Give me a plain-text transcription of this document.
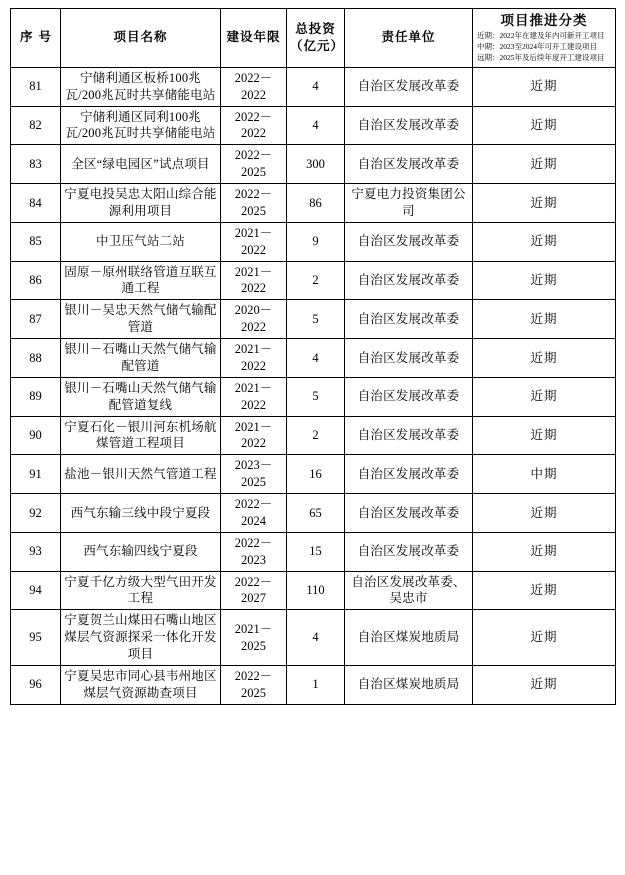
序号	项目名称	建设年限	总投资
（亿元）	责任单位	项目推进分类
近期：2022年在建及年内可新开工项目
中期：2023至2024年可开工建设项目
远期：2025年及后续年度开工建设项目

81	宁储利通区板桥100兆瓦/200兆瓦时共享储能电站	2022－
2022	4	自治区发展改革委	近期
82	宁储利通区同利100兆瓦/200兆瓦时共享储能电站	2022－
2022	4	自治区发展改革委	近期
83	全区“绿电园区”试点项目	2022－
2025	300	自治区发展改革委	近期
84	宁夏电投吴忠太阳山综合能源利用项目	2022－
2025	86	宁夏电力投资集团公司	近期
85	中卫压气站二站	2021－
2022	9	自治区发展改革委	近期
86	固原－原州联络管道互联互通工程	2021－
2022	2	自治区发展改革委	近期
87	银川－吴忠天然气储气输配管道	2020－
2022	5	自治区发展改革委	近期
88	银川－石嘴山天然气储气输配管道	2021－
2022	4	自治区发展改革委	近期
89	银川－石嘴山天然气储气输配管道复线	2021－
2022	5	自治区发展改革委	近期
90	宁夏石化－银川河东机场航煤管道工程项目	2021－
2022	2	自治区发展改革委	近期
91	盐池－银川天然气管道工程	2023－
2025	16	自治区发展改革委	中期
92	西气东输三线中段宁夏段	2022－
2024	65	自治区发展改革委	近期
93	西气东输四线宁夏段	2022－
2023	15	自治区发展改革委	近期
94	宁夏千亿方级大型气田开发工程	2022－
2027	110	自治区发展改革委、吴忠市	近期
95	宁夏贺兰山煤田石嘴山地区煤层气资源探采一体化开发项目	2021－
2025	4	自治区煤炭地质局	近期
96	宁夏吴忠市同心县韦州地区煤层气资源勘查项目	2022－
2025	1	自治区煤炭地质局	近期
